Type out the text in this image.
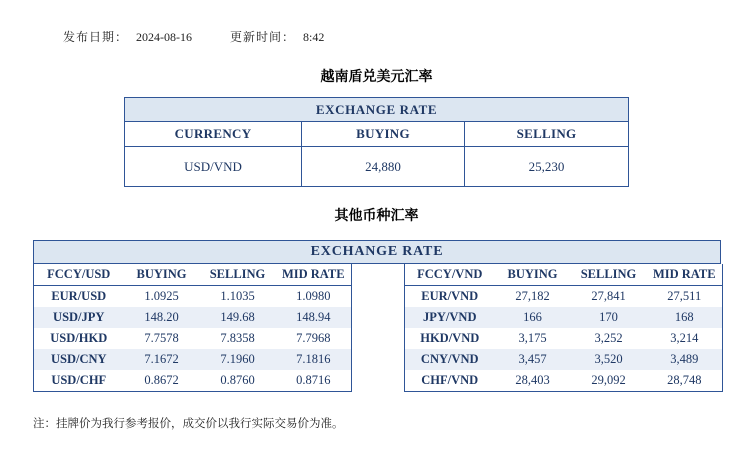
发布日期： 2024-08-16	更新时间： 8:42
越南盾兑美元汇率
EXCHANGE RATE		
CURRENCY	BUYING	SELLING
USD/VND	24,880	25,230
其他币种汇率
EXCHANGE RATE
FCCY/USD	BUYING	SELLING	MID RATE
EUR/USD	1.0925	1.1035	1.0980
USD/JPY	148.20	149.68	148.94
USD/HKD	7.7578	7.8358	7.7968
USD/CNY	7.1672	7.1960	7.1816
USD/CHF	0.8672	0.8760	0.8716
FCCY/VND	BUYING	SELLING	MID RATE
EUR/VND	27,182	27,841	27,511
JPY/VND	166	170	168
HKD/VND	3,175	3,252	3,214
CNY/VND	3,457	3,520	3,489
CHF/VND	28,403	29,092	28,748
注：挂牌价为我行参考报价，成交价以我行实际交易价为准。
